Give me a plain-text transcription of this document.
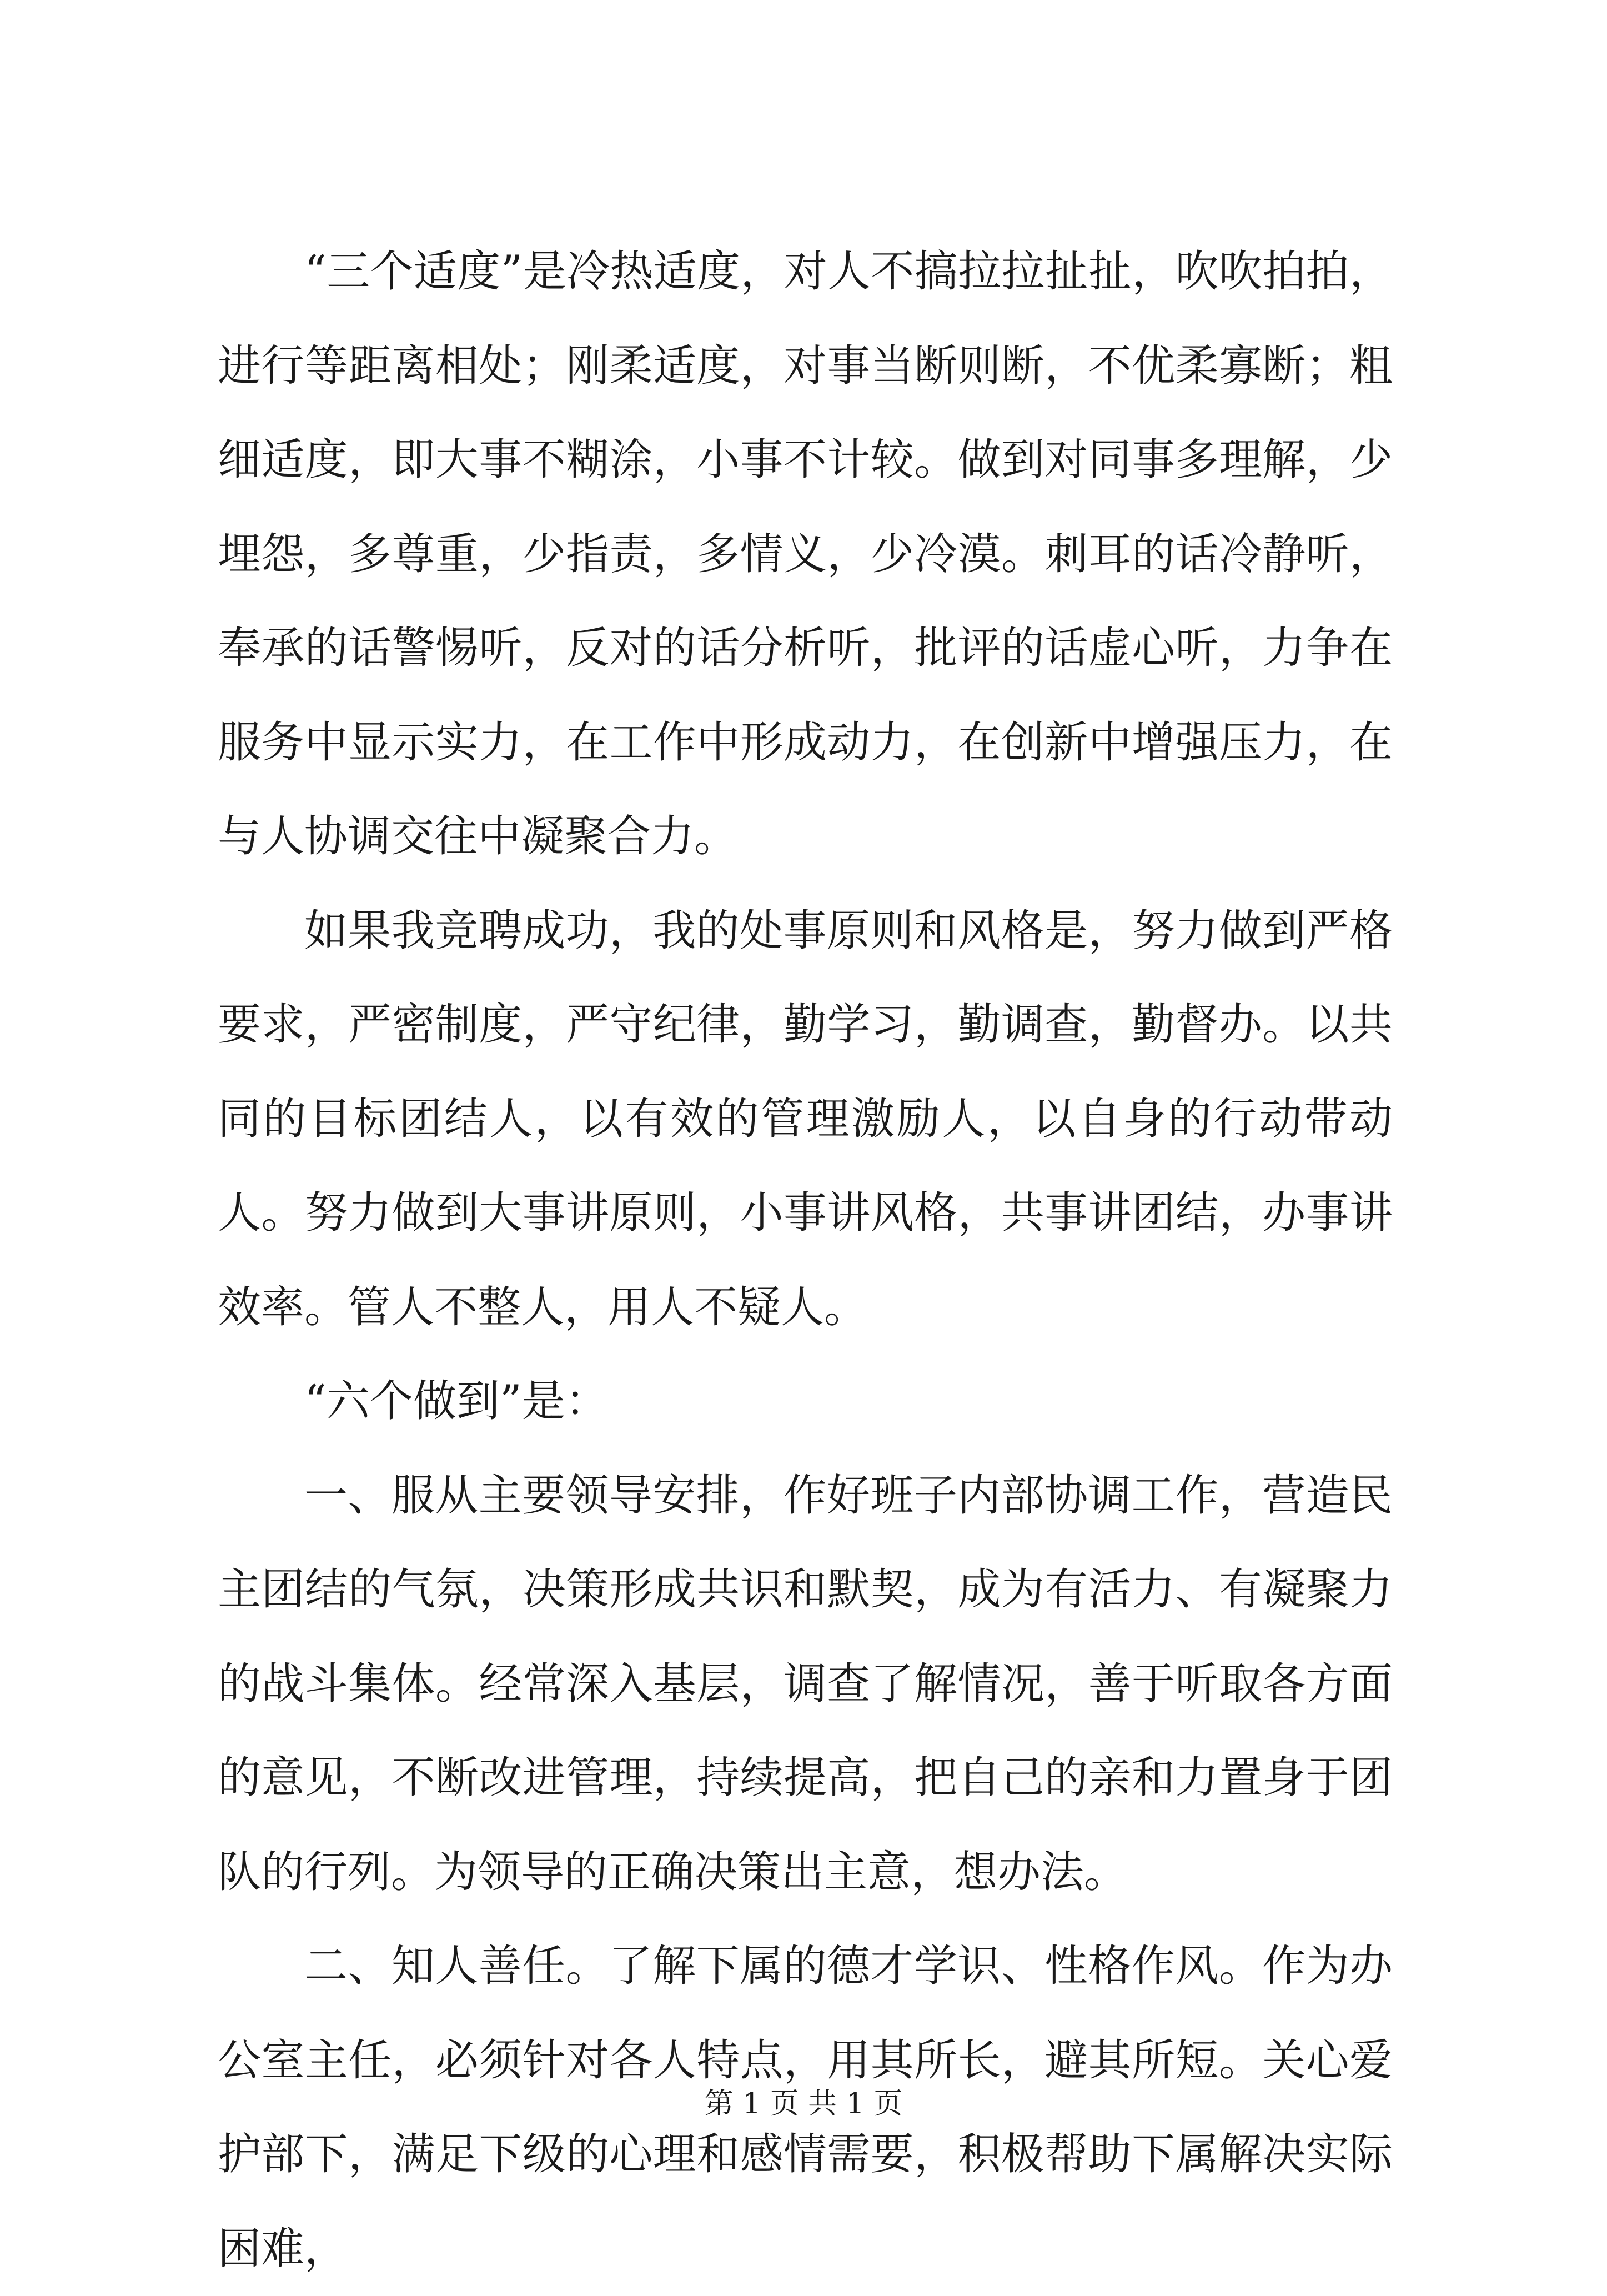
“三个适度”是冷热适度，对人不搞拉拉扯扯，吹吹拍拍，进行等距离相处；刚柔适度，对事当断则断，不优柔寡断；粗细适度，即大事不糊涂，小事不计较。做到对同事多理解，少埋怨，多尊重，少指责，多情义，少冷漠。刺耳的话冷静听，奉承的话警惕听，反对的话分析听，批评的话虚心听，力争在服务中显示实力，在工作中形成动力，在创新中增强压力，在与人协调交往中凝聚合力。

如果我竞聘成功，我的处事原则和风格是，努力做到严格要求，严密制度，严守纪律，勤学习，勤调查，勤督办。以共同的目标团结人，以有效的管理激励人，以自身的行动带动人。努力做到大事讲原则，小事讲风格，共事讲团结，办事讲效率。管人不整人，用人不疑人。

“六个做到”是：

一、服从主要领导安排，作好班子内部协调工作，营造民主团结的气氛，决策形成共识和默契，成为有活力、有凝聚力的战斗集体。经常深入基层，调查了解情况，善于听取各方面的意见，不断改进管理，持续提高，把自己的亲和力置身于团队的行列。为领导的正确决策出主意，想办法。

二、知人善任。了解下属的德才学识、性格作风。作为办公室主任，必须针对各人特点，用其所长，避其所短。关心爱护部下，满足下级的心理和感情需要，积极帮助下属解决实际困难，

第 1 页 共 1 页
